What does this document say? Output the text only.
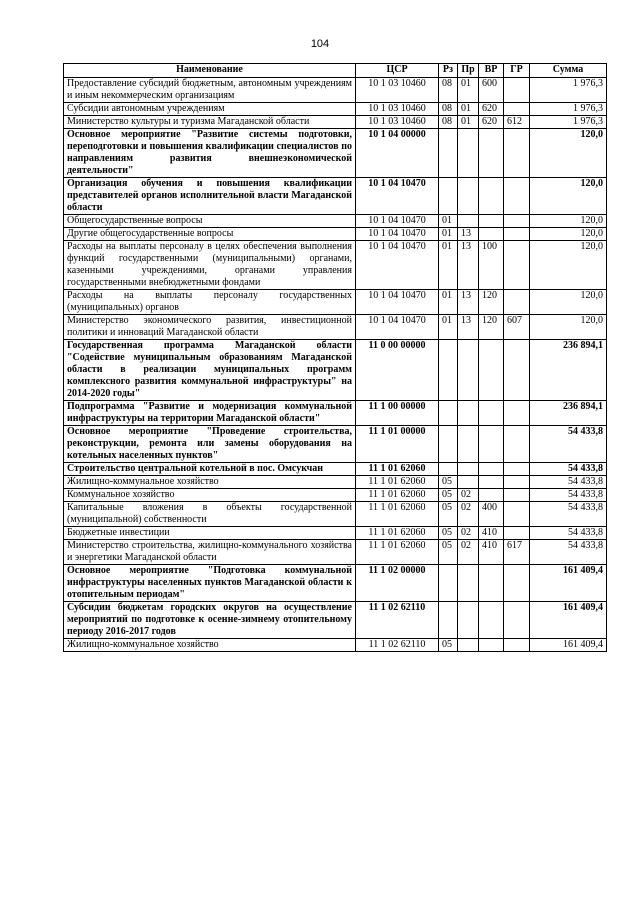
104
Наименование	ЦСР	Рз	Пр	ВР	ГР	Сумма
Предоставление субсидий бюджетным, автономным учреждениям и иным некоммерческим организациям	10 1 03 10460	08	01	600		1 976,3
Субсидии автономным учреждениям	10 1 03 10460	08	01	620		1 976,3
Министерство культуры и туризма Магаданской области	10 1 03 10460	08	01	620	612	1 976,3
Основное мероприятие "Развитие системы подготовки, переподготовки и повышения квалификации специалистов по направлениям развития внешнеэкономической деятельности"	10 1 04 00000					120,0
Организация обучения и повышения квалификации представителей органов исполнительной власти Магаданской области	10 1 04 10470					120,0
Общегосударственные вопросы	10 1 04 10470	01				120,0
Другие общегосударственные вопросы	10 1 04 10470	01	13			120,0
Расходы на выплаты персоналу в целях обеспечения выполнения функций государственными (муниципальными) органами, казенными учреждениями, органами управления государственными внебюджетными фондами	10 1 04 10470	01	13	100		120,0
Расходы на выплаты персоналу государственных (муниципальных) органов	10 1 04 10470	01	13	120		120,0
Министерство экономического развития, инвестиционной политики и инноваций Магаданской области	10 1 04 10470	01	13	120	607	120,0
Государственная программа Магаданской области "Содействие муниципальным образованиям Магаданской области в реализации муниципальных программ комплексного развития коммунальной инфраструктуры" на 2014-2020 годы"	11 0 00 00000					236 894,1
Подпрограмма "Развитие и модернизация коммунальной инфраструктуры на территории Магаданской области"	11 1 00 00000					236 894,1
Основное мероприятие "Проведение строительства, реконструкции, ремонта или замены оборудования на котельных населенных пунктов"	11 1 01 00000					54 433,8
Строительство центральной котельной в пос. Омсукчан	11 1 01 62060					54 433,8
Жилищно-коммунальное хозяйство	11 1 01 62060	05				54 433,8
Коммунальное хозяйство	11 1 01 62060	05	02			54 433,8
Капитальные вложения в объекты государственной (муниципальной) собственности	11 1 01 62060	05	02	400		54 433,8
Бюджетные инвестиции	11 1 01 62060	05	02	410		54 433,8
Министерство строительства, жилищно-коммунального хозяйства и энергетики Магаданской области	11 1 01 62060	05	02	410	617	54 433,8
Основное мероприятие "Подготовка коммунальной инфраструктуры населенных пунктов Магаданской области к отопительным периодам"	11 1 02 00000					161 409,4
Субсидии бюджетам городских округов на осуществление мероприятий по подготовке к осенне-зимнему отопительному периоду 2016-2017 годов	11 1 02 62110					161 409,4
Жилищно-коммунальное хозяйство	11 1 02 62110	05				161 409,4
